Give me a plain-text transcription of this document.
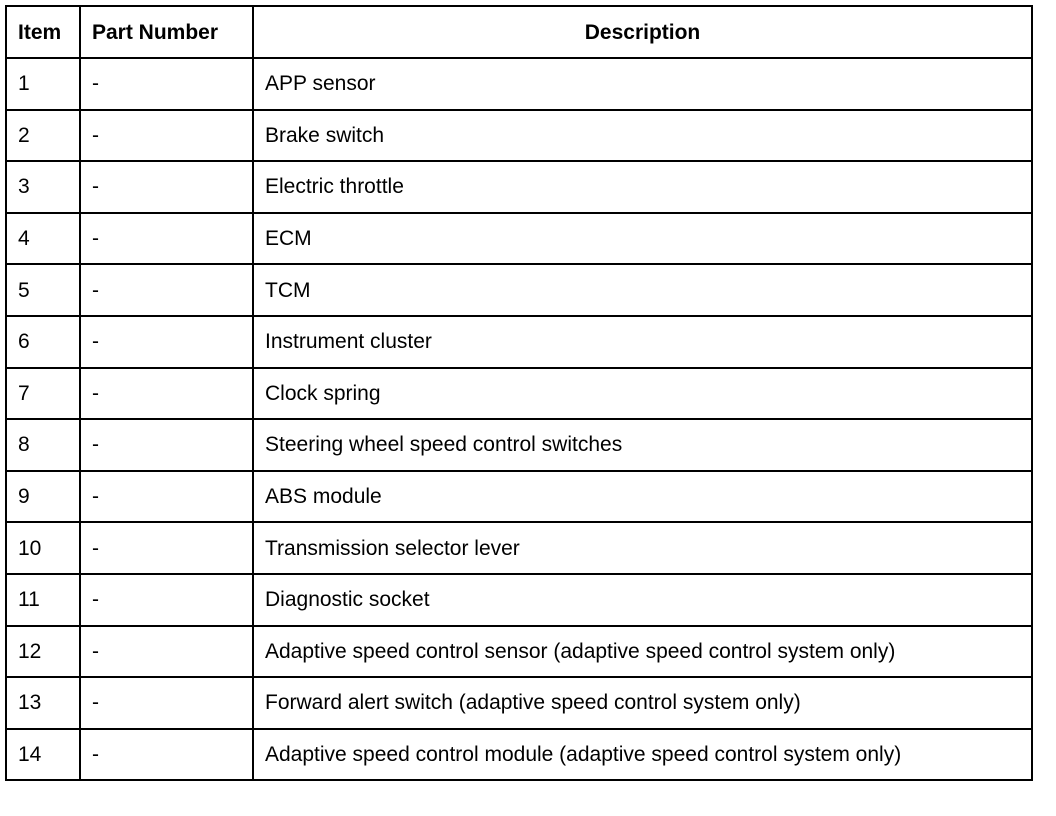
Item	Part Number	Description
1	-	APP sensor
2	-	Brake switch
3	-	Electric throttle
4	-	ECM
5	-	TCM
6	-	Instrument cluster
7	-	Clock spring
8	-	Steering wheel speed control switches
9	-	ABS module
10	-	Transmission selector lever
11	-	Diagnostic socket
12	-	Adaptive speed control sensor (adaptive speed control system only)
13	-	Forward alert switch (adaptive speed control system only)
14	-	Adaptive speed control module (adaptive speed control system only)
